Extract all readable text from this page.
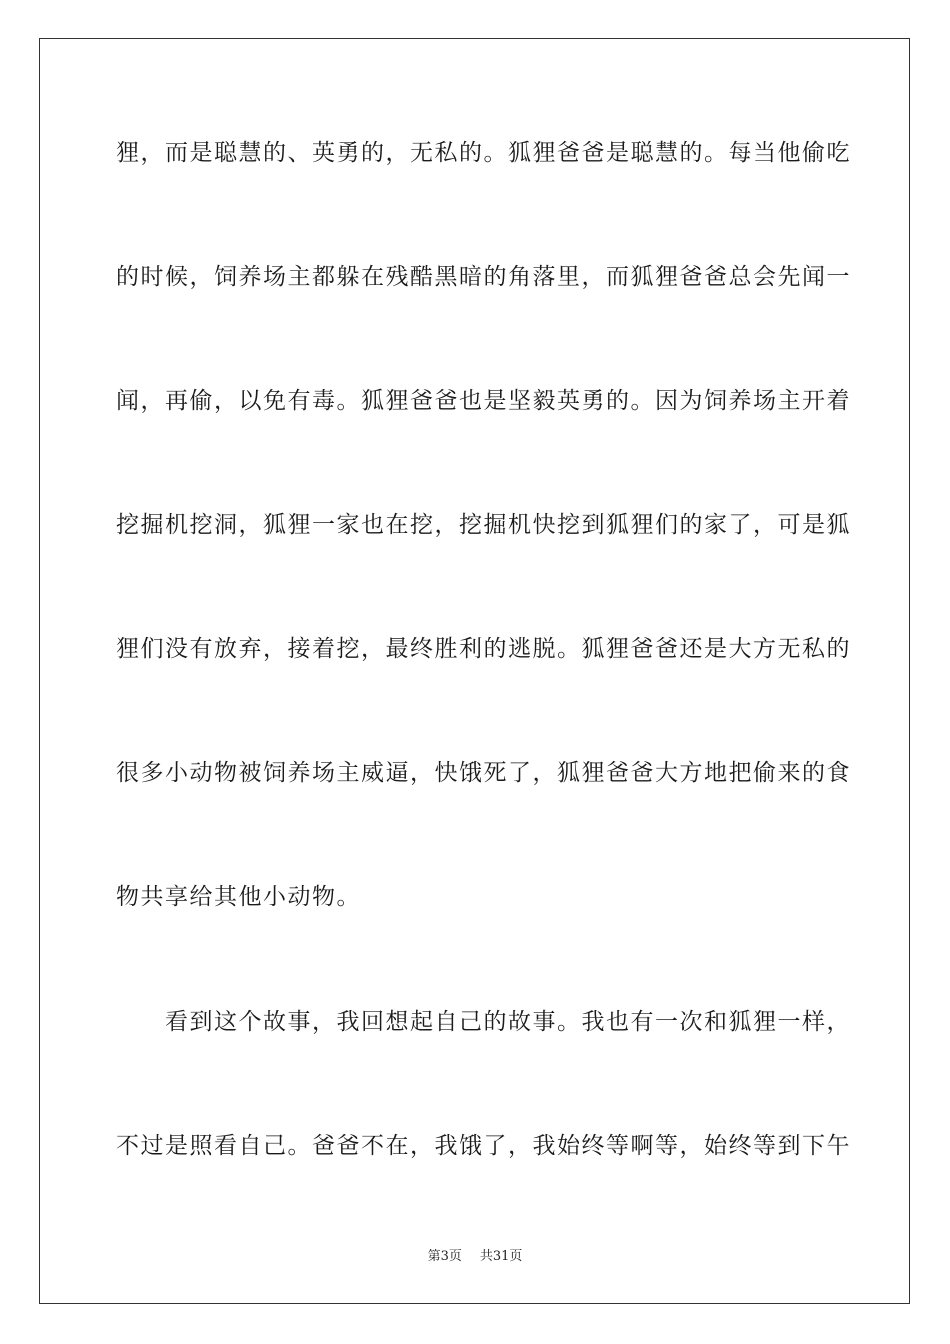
狸，而是聪慧的、英勇的，无私的。狐狸爸爸是聪慧的。每当他偷吃
的时候，饲养场主都躲在残酷黑暗的角落里，而狐狸爸爸总会先闻一
闻，再偷，以免有毒。狐狸爸爸也是坚毅英勇的。因为饲养场主开着
挖掘机挖洞，狐狸一家也在挖，挖掘机快挖到狐狸们的家了，可是狐
狸们没有放弃，接着挖，最终胜利的逃脱。狐狸爸爸还是大方无私的
很多小动物被饲养场主威逼，快饿死了，狐狸爸爸大方地把偷来的食
物共享给其他小动物。
　　看到这个故事，我回想起自己的故事。我也有一次和狐狸一样，
不过是照看自己。爸爸不在，我饿了，我始终等啊等，始终等到下午
第3页 共31页
